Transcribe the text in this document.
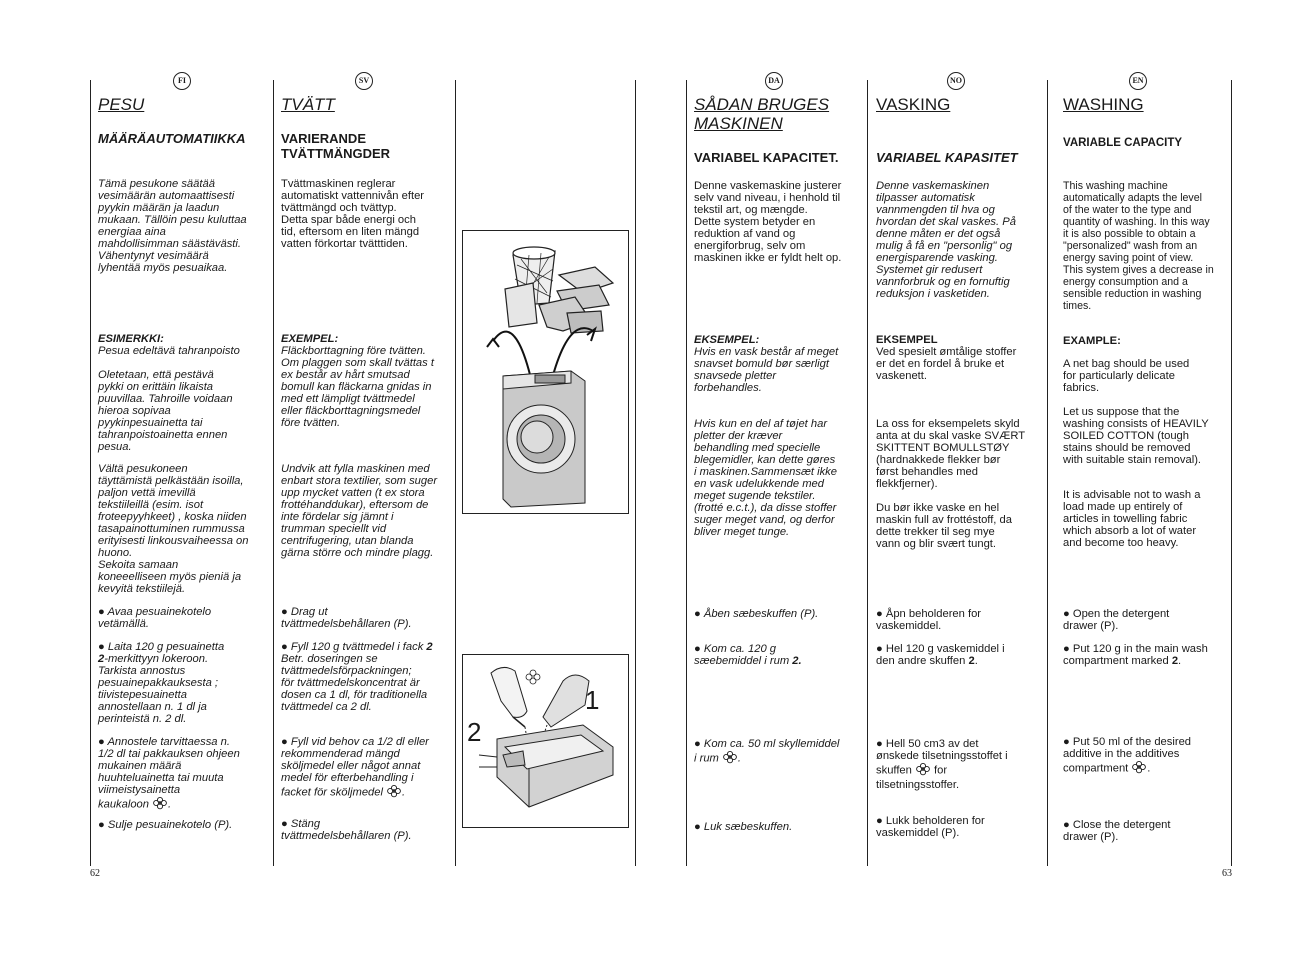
FI
PESU
MÄÄRÄAUTOMATIIKKA

Tämä pesukone säätää
vesimäärän automaattisesti
pyykin määrän ja laadun
mukaan. Tällöin pesu kuluttaa
energiaa aina
mahdollisimman säästävästi.
Vähentynyt vesimäärä
lyhentää myös pesuaikaa.

ESIMERKKI:

Pesua edeltävä tahranpoisto

Oletetaan, että pestävä
pykki on erittäin likaista
puuvillaa. Tahroille voidaan
hieroa sopivaa
pyykinpesuainetta tai
tahranpoistoainetta ennen
pesua.

Vältä pesukoneen
täyttämistä pelkästään isoilla,
paljon vettä imevillä
tekstiileillä (esim. isot
froteepyyhkeet) , koska niiden
tasapainottuminen rummussa
erityisesti linkousvaiheessa on
huono.
Sekoita samaan
koneeelliseen myös pieniä ja
kevyitä tekstiilejä.

● Avaa pesuainekotelo
vetämällä.

● Laita 120 g pesuainetta
2-merkittyyn lokeroon.
Tarkista annostus
pesuainepakkauksesta ;
tiivistepesuainetta
annostellaan n. 1 dl ja
perinteistä n. 2 dl.

● Annostele tarvittaessa n.
1/2 dl tai pakkauksen ohjeen
mukainen määrä
huuhteluainetta tai muuta
viimeistysainetta
kaukaloon .

● Sulje pesuainekotelo (P).

62
SV
TVÄTT
VARIERANDE
TVÄTTMÄNGDER

Tvättmaskinen reglerar
automatiskt vattennivån efter
tvättmängd och tvättyp.
Detta spar både energi och
tid, eftersom en liten mängd
vatten förkortar tvätttiden.

EXEMPEL:

Fläckborttagning före tvätten.
Om plaggen som skall tvättas t
ex består av hårt smutsad
bomull kan fläckarna gnidas in
med ett lämpligt tvättmedel
eller fläckborttagningsmedel
före tvätten.

Undvik att fylla maskinen med
enbart stora textilier, som suger
upp mycket vatten (t ex stora
frottéhanddukar), eftersom de
inte fördelar sig jämnt i
trumman speciellt vid
centrifugering, utan blanda
gärna större och mindre plagg.

● Drag ut
tvättmedelsbehållaren (P).

● Fyll 120 g tvättmedel i fack 2
Betr. doseringen se
tvättmedelsförpackningen;
för tvättmedelskoncentrat är
dosen ca 1 dl, för traditionella
tvättmedel ca 2 dl.

● Fyll vid behov ca 1/2 dl eller
rekommenderad mängd
sköljmedel eller något annat
medel för efterbehandling i
facket för sköljmedel .

● Stäng
tvättmedelsbehållaren (P).

1
2
DA
SÅDAN BRUGES
MASKINEN
VARIABEL KAPACITET.

Denne vaskemaskine justerer
selv vand niveau, i henhold til
tekstil art, og mængde.
Dette system betyder en
reduktion af vand og
energiforbrug, selv om
maskinen ikke er fyldt helt op.

EKSEMPEL:

Hvis en vask består af meget
snavset bomuld bør særligt
snavsede pletter
forbehandles.

Hvis kun en del af tøjet har
pletter der kræver
behandling med specielle
blegemidler, kan dette gøres
i maskinen.Sammensæt ikke
en vask udelukkende med
meget sugende tekstiler.
(frotté e.c.t.), da disse stoffer
suger meget vand, og derfor
bliver meget tunge.

● Åben sæbeskuffen (P).

● Kom ca. 120 g
sæebemiddel i rum 2.

● Kom ca. 50 ml skyllemiddel
i rum .

● Luk sæbeskuffen.

NO
VASKING
VARIABEL KAPASITET

Denne vaskemaskinen
tilpasser automatisk
vannmengden til hva og
hvordan det skal vaskes. På
denne måten er det også
mulig å få en "personlig" og
energisparende vasking.
Systemet gir redusert
vannforbruk og en fornuftig
reduksjon i vasketiden.

EKSEMPEL

Ved spesielt ømtålige stoffer
er det en fordel å bruke et
vaskenett.

La oss for eksempelets skyld
anta at du skal vaske SVÆRT
SKITTENT BOMULLSTØY
(hardnakkede flekker bør
først behandles med
flekkfjerner).

Du bør ikke vaske en hel
maskin full av frottéstoff, da
dette trekker til seg mye
vann og blir svært tungt.

● Åpn beholderen for
vaskemiddel.

● Hel 120 g vaskemiddel i
den andre skuffen 2.

● Hell 50 cm3 av det
ønskede tilsetningsstoffet i
skuffen for
tilsetningsstoffer.

● Lukk beholderen for
vaskemiddel (P).

EN
WASHING
VARIABLE CAPACITY

This washing machine
automatically adapts the level
of the water to the type and
quantity of washing. In this way
it is also possible to obtain a
"personalized" wash from an
energy saving point of view.
This system gives a decrease in
energy consumption and a
sensible reduction in washing
times.

EXAMPLE:

A net bag should be used
for particularly delicate
fabrics.

Let us suppose that the
washing consists of HEAVILY
SOILED COTTON (tough
stains should be removed
with suitable stain removal).

It is advisable not to wash a
load made up entirely of
articles in towelling fabric
which absorb a lot of water
and become too heavy.

● Open the detergent
drawer (P).

● Put 120 g in the main wash
compartment marked 2.

● Put 50 ml of the desired
additive in the additives
compartment .

● Close the detergent
drawer (P).

63
